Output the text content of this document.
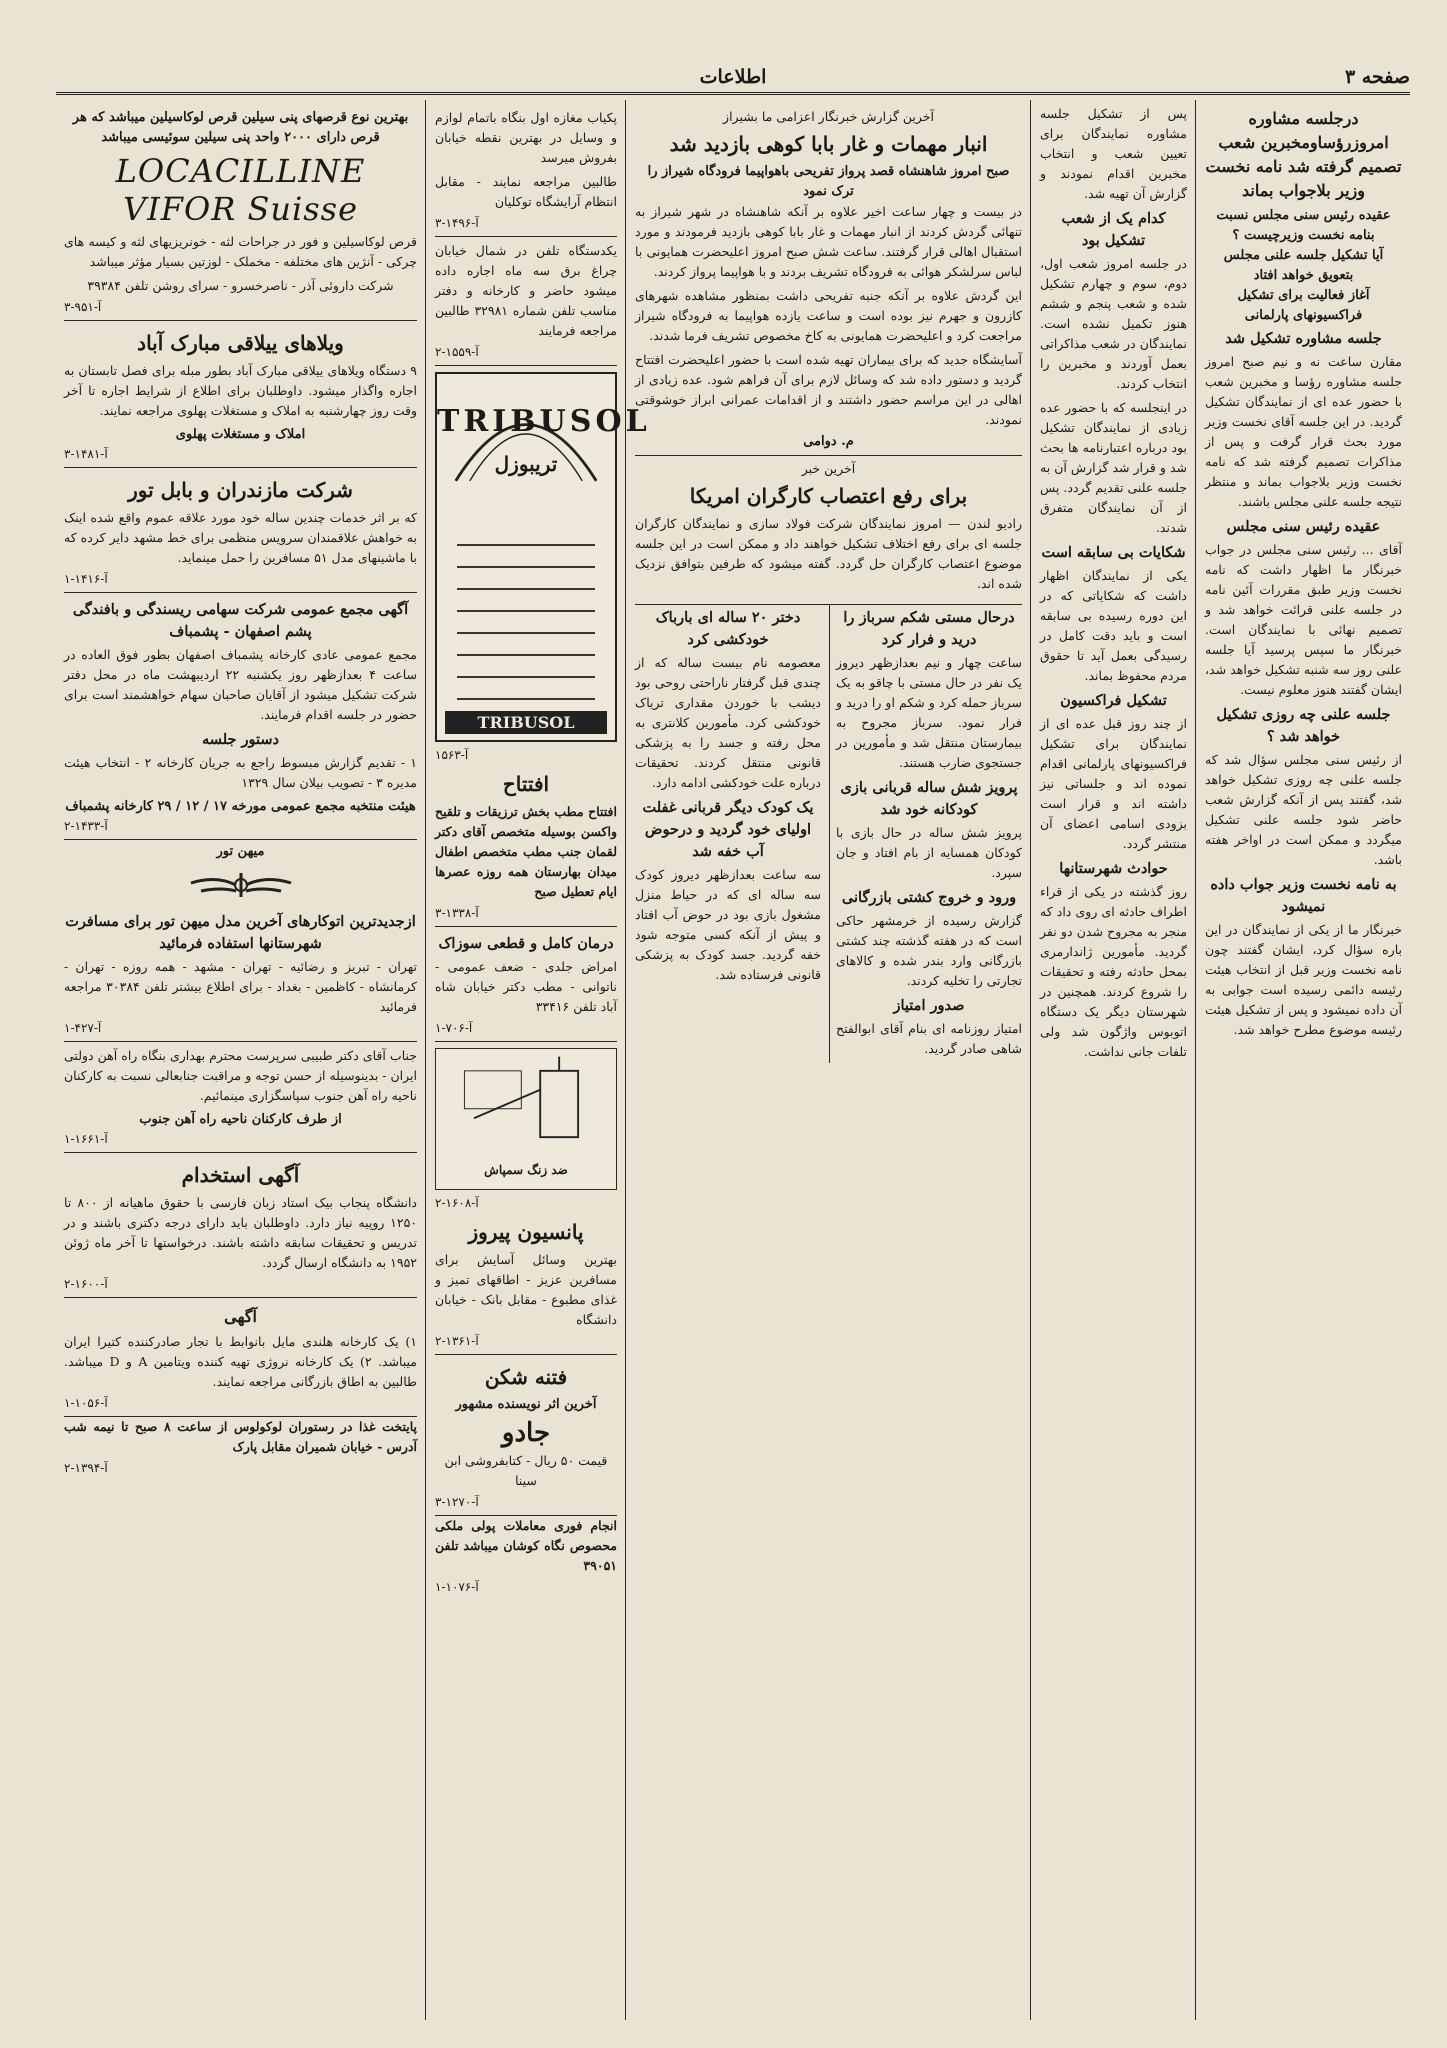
صفحه ۳
اطلاعات
درجلسه مشاوره امروزرؤساومخبرین شعب تصمیم گرفته شد نامه نخست وزیر بلاجواب بماند
عقیده رئیس سنی مجلس نسبت بنامه نخست وزیرچیست ؟
آیا تشکیل جلسه علنی مجلس بتعویق خواهد افتاد
آغاز فعالیت برای تشکیل فراکسیونهای پارلمانی
جلسه مشاوره تشکیل شد

مقارن ساعت نه و نیم صبح امروز جلسه مشاوره رؤسا و مخبرین شعب با حضور عده ای از نمایندگان تشکیل گردید. در این جلسه آقای نخست وزیر مورد بحث قرار گرفت و پس از مذاکرات تصمیم گرفته شد که نامه نخست وزیر بلاجواب بماند و منتظر نتیجه جلسه علنی مجلس باشند.

عقیده رئیس سنی مجلس

آقای ... رئیس سنی مجلس در جواب خبرنگار ما اظهار داشت که نامه نخست وزیر طبق مقررات آئین نامه در جلسه علنی قرائت خواهد شد و تصمیم نهائی با نمایندگان است. خبرنگار ما سپس پرسید آیا جلسه علنی روز سه شنبه تشکیل خواهد شد، ایشان گفتند هنوز معلوم نیست.

جلسه علنی چه روزی تشکیل خواهد شد ؟

از رئیس سنی مجلس سؤال شد که جلسه علنی چه روزی تشکیل خواهد شد، گفتند پس از آنکه گزارش شعب حاضر شود جلسه علنی تشکیل میگردد و ممکن است در اواخر هفته باشد.

به نامه نخست وزیر جواب داده نمیشود

خبرنگار ما از یکی از نمایندگان در این باره سؤال کرد، ایشان گفتند چون نامه نخست وزیر قبل از انتخاب هیئت رئیسه دائمی رسیده است جوابی به آن داده نمیشود و پس از تشکیل هیئت رئیسه موضوع مطرح خواهد شد.

پس از تشکیل جلسه مشاوره نمایندگان برای تعیین شعب و انتخاب مخبرین اقدام نمودند و گزارش آن تهیه شد.

کدام یک از شعب تشکیل بود

در جلسه امروز شعب اول، دوم، سوم و چهارم تشکیل شده و شعب پنجم و ششم هنوز تکمیل نشده است. نمایندگان در شعب مذاکراتی بعمل آوردند و مخبرین را انتخاب کردند.

در اینجلسه که با حضور عده زیادی از نمایندگان تشکیل بود درباره اعتبارنامه ها بحث شد و قرار شد گزارش آن به جلسه علنی تقدیم گردد. پس از آن نمایندگان متفرق شدند.

شکایات بی سابقه است

یکی از نمایندگان اظهار داشت که شکایاتی که در این دوره رسیده بی سابقه است و باید دقت کامل در رسیدگی بعمل آید تا حقوق مردم محفوظ بماند.

تشکیل فراکسیون

از چند روز قبل عده ای از نمایندگان برای تشکیل فراکسیونهای پارلمانی اقدام نموده اند و جلساتی نیز داشته اند و قرار است بزودی اسامی اعضای آن منتشر گردد.

حوادث شهرستانها

روز گذشته در یکی از قراء اطراف حادثه ای روی داد که منجر به مجروح شدن دو نفر گردید. مأمورین ژاندارمری بمحل حادثه رفته و تحقیقات را شروع کردند. همچنین در شهرستان دیگر یک دستگاه اتوبوس واژگون شد ولی تلفات جانی نداشت.

آخرین گزارش خبرنگار اعزامی ما بشیراز
انبار مهمات و غار بابا کوهی بازدید شد
صبح امروز شاهنشاه قصد پرواز تفریحی باهواپیما فرودگاه شیراز را ترک نمود

در بیست و چهار ساعت اخیر علاوه بر آنکه شاهنشاه در شهر شیراز به تنهائی گردش کردند از انبار مهمات و غار بابا کوهی بازدید فرمودند و مورد استقبال اهالی قرار گرفتند. ساعت شش صبح امروز اعلیحضرت همایونی با لباس سرلشکر هوائی به فرودگاه تشریف بردند و با هواپیما پرواز کردند.

این گردش علاوه بر آنکه جنبه تفریحی داشت بمنظور مشاهده شهرهای کازرون و جهرم نیز بوده است و ساعت یازده هواپیما به فرودگاه شیراز مراجعت کرد و اعلیحضرت همایونی به کاخ مخصوص تشریف فرما شدند.

آسایشگاه جدید که برای بیماران تهیه شده است با حضور اعلیحضرت افتتاح گردید و دستور داده شد که وسائل لازم برای آن فراهم شود. عده زیادی از اهالی در این مراسم حضور داشتند و از اقدامات عمرانی ابراز خوشوقتی نمودند.

م. دوامی
آخرین خبر
برای رفع اعتصاب کارگران امریکا

رادیو لندن — امروز نمایندگان شرکت فولاد سازی و نمایندگان کارگران جلسه ای برای رفع اختلاف تشکیل خواهند داد و ممکن است در این جلسه موضوع اعتصاب کارگران حل گردد. گفته میشود که طرفین بتوافق نزدیک شده اند.

درحال مستی شکم سرباز را درید و فرار کرد

ساعت چهار و نیم بعدازظهر دیروز یک نفر در حال مستی با چاقو به یک سرباز حمله کرد و شکم او را درید و فرار نمود. سرباز مجروح به بیمارستان منتقل شد و مأمورین در جستجوی ضارب هستند.

پرویز شش ساله قربانی بازی کودکانه خود شد

پرویز شش ساله در حال بازی با کودکان همسایه از بام افتاد و جان سپرد.

ورود و خروج کشتی بازرگانی

گزارش رسیده از خرمشهر حاکی است که در هفته گذشته چند کشتی بازرگانی وارد بندر شده و کالاهای تجارتی را تخلیه کردند.

صدور امتیاز

امتیاز روزنامه ای بنام آقای ابوالفتح شاهی صادر گردید.

دختر ۲۰ ساله ای بارباک خودکشی کرد

معصومه نام بیست ساله که از چندی قبل گرفتار ناراحتی روحی بود دیشب با خوردن مقداری تریاک خودکشی کرد. مأمورین کلانتری به محل رفته و جسد را به پزشکی قانونی منتقل کردند. تحقیقات درباره علت خودکشی ادامه دارد.

یک کودک دیگر قربانی غفلت اولیای خود گردید و درحوض آب خفه شد

سه ساعت بعدازظهر دیروز کودک سه ساله ای که در حیاط منزل مشغول بازی بود در حوض آب افتاد و پیش از آنکه کسی متوجه شود خفه گردید. جسد کودک به پزشکی قانونی فرستاده شد.

پکیاب مغازه اول بنگاه باتمام لوازم و وسایل در بهترین نقطه خیابان بفروش میرسد

طالبین مراجعه نمایند - مقابل انتظام آرایشگاه توکلیان

آ-۱۴۹۶-۳

یکدستگاه تلفن در شمال خیابان چراغ برق سه ماه اجاره داده میشود حاضر و کارخانه و دفتر مناسب تلفن شماره ۳۲۹۸۱ طالبین مراجعه فرمایند

آ-۱۵۵۹-۲
TRIBUSOL
تریبوزل
TRIBUSOL
آ-۱۵۶۳
افتتاح

افتتاح مطب بخش ترزیقات و تلقیح واکسن بوسیله متخصص آقای دکتر لقمان جنب مطب متخصص اطفال میدان بهارستان همه روزه عصرها ایام تعطیل صبح

آ-۱۳۳۸-۳
درمان کامل و قطعی سوزاک

امراض جلدی - ضعف عمومی - ناتوانی - مطب دکتر خیابان شاه آباد تلفن ۳۳۴۱۶

آ-۷۰۶-۱
ضد زنگ سمپاش
آ-۱۶۰۸-۲
پانسیون پیروز

بهترین وسائل آسایش برای مسافرین عزیز - اطاقهای تمیز و غذای مطبوع - مقابل بانک - خیابان دانشگاه

آ-۱۳۶۱-۲
فتنه شکن
آخرین اثر نویسنده مشهور
جادو

قیمت ۵۰ ریال - کتابفروشی ابن سینا

آ-۱۲۷۰-۳

انجام فوری معاملات پولی ملکی محصوص نگاه کوشان میباشد تلفن ۳۹۰۵۱

آ-۱۰۷۶-۱
بهترین نوع قرصهای پنی سیلین قرص لوکاسیلین میباشد که هر قرص دارای ۲۰۰۰ واحد پنی سیلین سوئیسی میباشد
LOCACILLINE VIFOR Suisse

قرص لوکاسیلین و فور در جراحات لثه - خونریزیهای لثه و کیسه های چرکی - آنژین های مختلفه - مخملک - لوزتین بسیار مؤثر میباشد

شرکت داروئی آذر - ناصرخسرو - سرای روشن تلفن ۳۹۳۸۴

آ-۹۵۱-۳
ویلاهای ییلاقی مبارک آباد

۹ دستگاه ویلاهای ییلاقی مبارک آباد بطور مبله برای فصل تابستان به اجاره واگذار میشود. داوطلبان برای اطلاع از شرایط اجاره تا آخر وقت روز چهارشنبه به املاک و مستغلات پهلوی مراجعه نمایند.

املاک و مستغلات پهلوی
آ-۱۴۸۱-۳
شرکت مازندران و بابل تور

که بر اثر خدمات چندین ساله خود مورد علاقه عموم واقع شده اینک به خواهش علاقمندان سرویس منظمی برای خط مشهد دایر کرده که با ماشینهای مدل ۵۱ مسافرین را حمل مینماید.

آ-۱۴۱۶-۱
آگهی مجمع عمومی شرکت سهامی ریسندگی و بافندگی پشم اصفهان - پشمباف

مجمع عمومی عادی کارخانه پشمباف اصفهان بطور فوق العاده در ساعت ۴ بعدازظهر روز یکشنبه ۲۲ اردیبهشت ماه در محل دفتر شرکت تشکیل میشود از آقایان صاحبان سهام خواهشمند است برای حضور در جلسه اقدام فرمایند.

دستور جلسه

۱ - تقدیم گزارش مبسوط راجع به جریان کارخانه ۲ - انتخاب هیئت مدیره ۳ - تصویب بیلان سال ۱۳۲۹

هیئت منتخبه مجمع عمومی مورخه ۱۷ / ۱۲ / ۲۹ کارخانه پشمباف
آ-۱۴۳۳-۲
میهن تور
ازجدیدترین اتوکارهای آخرین مدل میهن تور برای مسافرت شهرستانها استفاده فرمائید

تهران - تبریز و رضائیه - تهران - مشهد - همه روزه - تهران - کرمانشاه - کاظمین - بغداد - برای اطلاع بیشتر تلفن ۳۰۳۸۴ مراجعه فرمائید

آ-۴۲۷-۱

جناب آقای دکتر طبیبی سرپرست محترم بهداری بنگاه راه آهن دولتی ایران - بدینوسیله از حسن توجه و مراقبت جنابعالی نسبت به کارکنان ناحیه راه آهن جنوب سپاسگزاری مینمائیم.

از طرف کارکنان ناحیه راه آهن جنوب
آ-۱۶۶۱-۱
آگهی استخدام

دانشگاه پنجاب بیک استاد زبان فارسی با حقوق ماهیانه از ۸۰۰ تا ۱۲۵۰ روپیه نیاز دارد. داوطلبان باید دارای درجه دکتری باشند و در تدریس و تحقیقات سابقه داشته باشند. درخواستها تا آخر ماه ژوئن ۱۹۵۲ به دانشگاه ارسال گردد.

آ-۱۶۰۰-۲
آگهی

۱) یک کارخانه هلندی مایل بانوابط با تجار صادرکننده کتیرا ایران میباشد. ۲) یک کارخانه نروژی تهیه کننده ویتامین A و D میباشد. طالبین به اطاق بازرگانی مراجعه نمایند.

آ-۱۰۵۶-۱

پایتخت غذا در رستوران لوکولوس از ساعت ۸ صبح تا نیمه شب آدرس - خیابان شمیران مقابل پارک

آ-۱۳۹۴-۲
